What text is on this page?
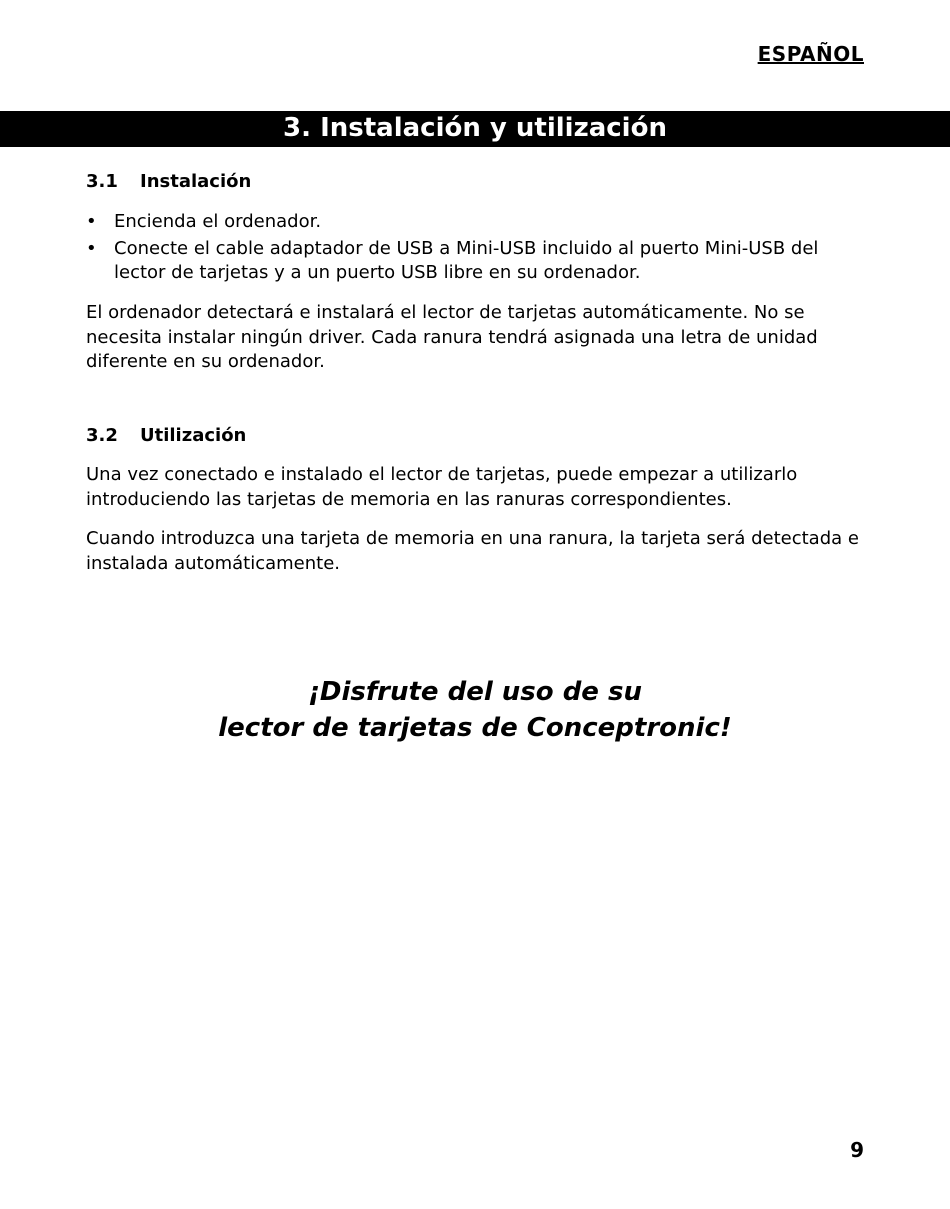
ESPAÑOL
3. Instalación y utilización
3.1 Instalación
• Encienda el ordenador.
• Conecte el cable adaptador de USB a Mini-USB incluido al puerto Mini-USB del lector de tarjetas y a un puerto USB libre en su ordenador.

El ordenador detectará e instalará el lector de tarjetas automáticamente. No se necesita instalar ningún driver. Cada ranura tendrá asignada una letra de unidad diferente en su ordenador.

3.2 Utilización

Una vez conectado e instalado el lector de tarjetas, puede empezar a utilizarlo introduciendo las tarjetas de memoria en las ranuras correspondientes.

Cuando introduzca una tarjeta de memoria en una ranura, la tarjeta será detectada e instalada automáticamente.

¡Disfrute del uso de su
lector de tarjetas de Conceptronic!
9
